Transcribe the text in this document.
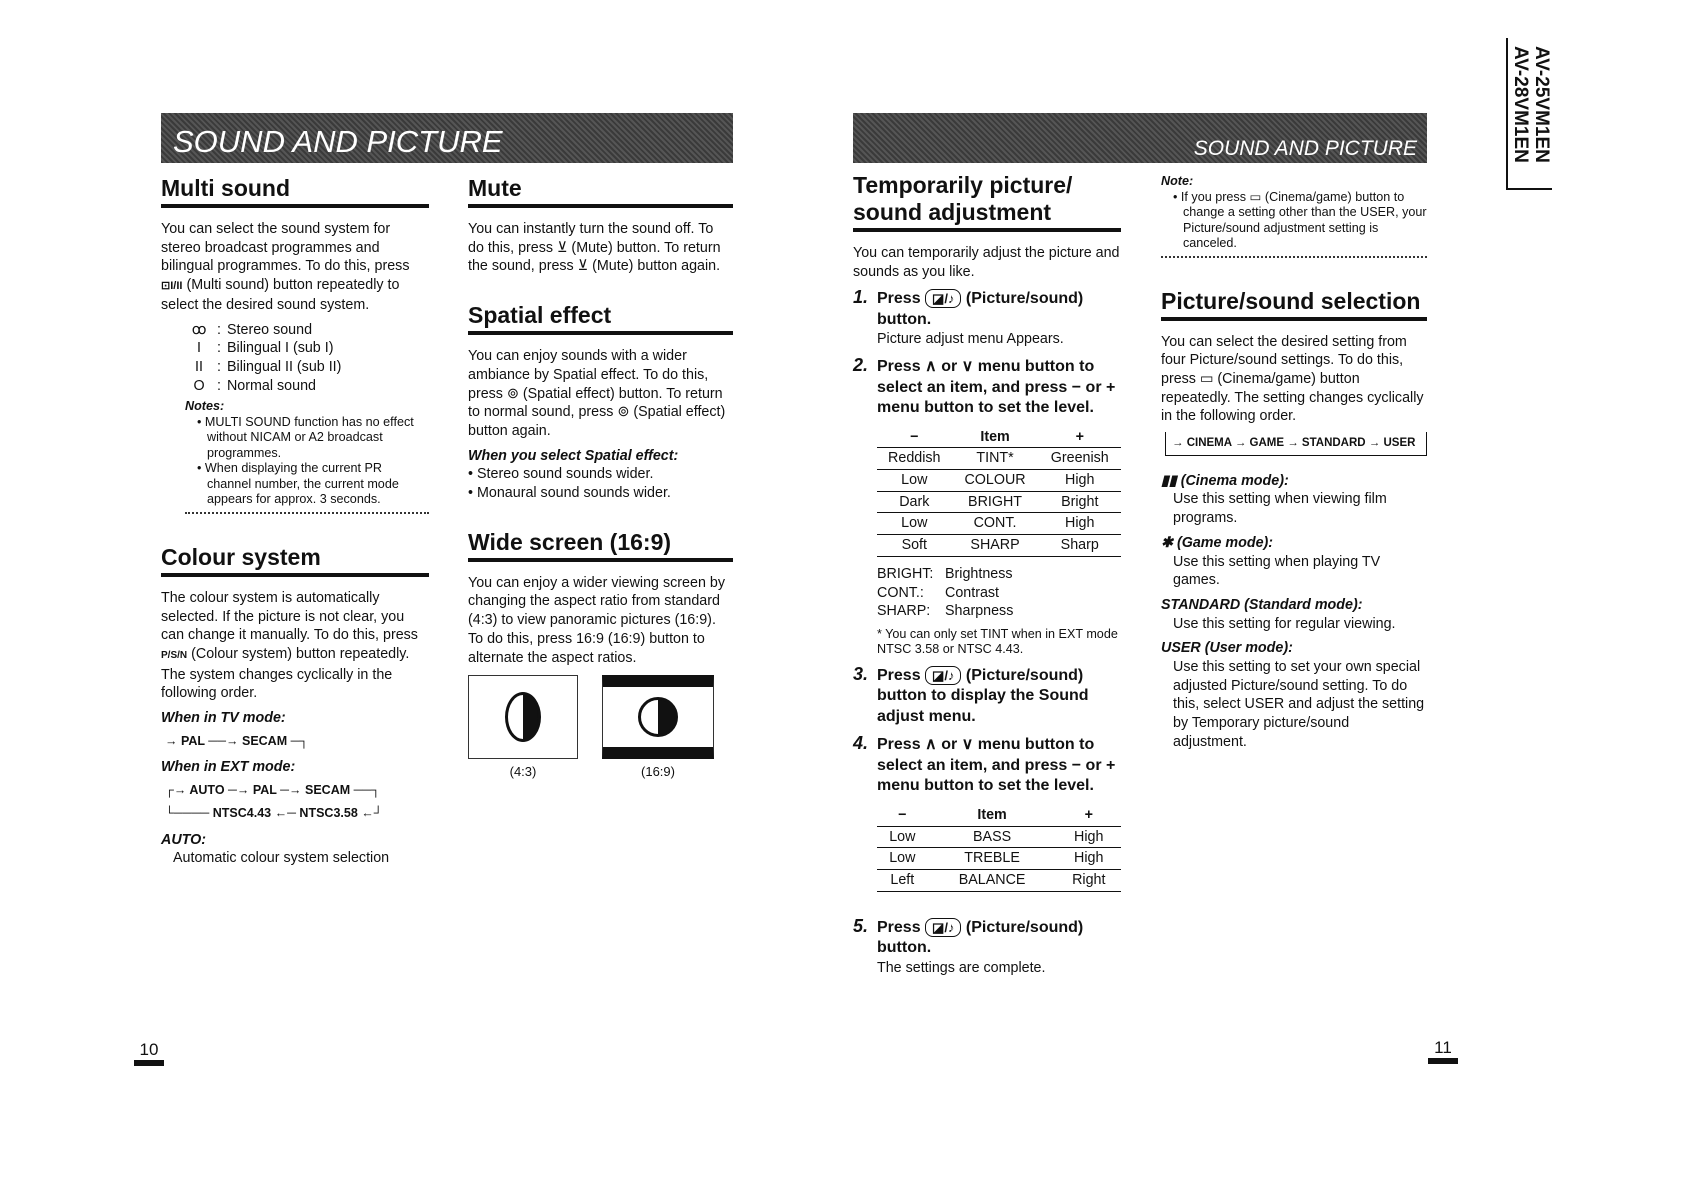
SOUND AND PICTURE	SOUND AND PICTURE	AV-25VM1EN
AV-28VM1EN
Multi sound

You can select the sound system for stereo broadcast programmes and bilingual programmes. To do this, press ⊡I/II (Multi sound) button repeatedly to select the desired sound system.

ꝏ : Stereo sound
I	: Bilingual I (sub I)
II : Bilingual II (sub II)
O : Normal sound
Notes:
• MULTI SOUND function has no effect without NICAM or A2 broadcast programmes.
• When displaying the current PR channel number, the current mode appears for approx. 3 seconds.
Colour system

The colour system is automatically selected. If the picture is not clear, you can change it manually. To do this, press P/S/N (Colour system) button repeatedly. The system changes cyclically in the following order.

When in TV mode:
→ PAL ──→ SECAM ─┐
When in EXT mode:
┌→ AUTO ─→ PAL ─→ SECAM ──┐
└──── NTSC4.43 ←─ NTSC3.58 ←┘
AUTO:
Automatic colour system selection
Mute

You can instantly turn the sound off. To do this, press ⊻ (Mute) button. To return the sound, press ⊻ (Mute) button again.

Spatial effect

You can enjoy sounds with a wider ambiance by Spatial effect. To do this, press ⊚ (Spatial effect) button. To return to normal sound, press ⊚ (Spatial effect) button again.

When you select Spatial effect:
• Stereo sound sounds wider.
• Monaural sound sounds wider.
Wide screen (16:9)

You can enjoy a wider viewing screen by changing the aspect ratio from standard (4:3) to view panoramic pictures (16:9). To do this, press 16:9 (16:9) button to alternate the aspect ratios.

(4:3)	(16:9)
Temporarily picture/ sound adjustment

You can temporarily adjust the picture and sounds as you like.

1. Press ◪/♪ (Picture/sound) button.
Picture adjust menu Appears.
2. Press ∧ or ∨ menu button to select an item, and press − or + menu button to set the level.
−	Item	+
Reddish	TINT*	Greenish
Low	COLOUR	High
Dark	BRIGHT	Bright
Low	CONT.	High
Soft	SHARP	Sharp
BRIGHT: Brightness
CONT.: Contrast
SHARP: Sharpness
* You can only set TINT when in EXT mode NTSC 3.58 or NTSC 4.43.
3. Press ◪/♪ (Picture/sound) button to display the Sound adjust menu.
4. Press ∧ or ∨ menu button to select an item, and press − or + menu button to set the level.
−	Item	+
Low	BASS	High
Low	TREBLE	High
Left	BALANCE	Right
5. Press ◪/♪ (Picture/sound) button.
The settings are complete.
Note:
• If you press ▭ (Cinema/game) button to change a setting other than the USER, your Picture/sound adjustment setting is canceled.
Picture/sound selection

You can select the desired setting from four Picture/sound settings. To do this, press ▭ (Cinema/game) button repeatedly. The setting changes cyclically in the following order.

→ CINEMA → GAME → STANDARD → USER
▮▮ (Cinema mode):
Use this setting when viewing film programs.
✱ (Game mode):
Use this setting when playing TV games.
STANDARD (Standard mode):
Use this setting for regular viewing.
USER (User mode):
Use this setting to set your own special adjusted Picture/sound setting. To do this, select USER and adjust the setting by Temporary picture/sound adjustment.
10	11
